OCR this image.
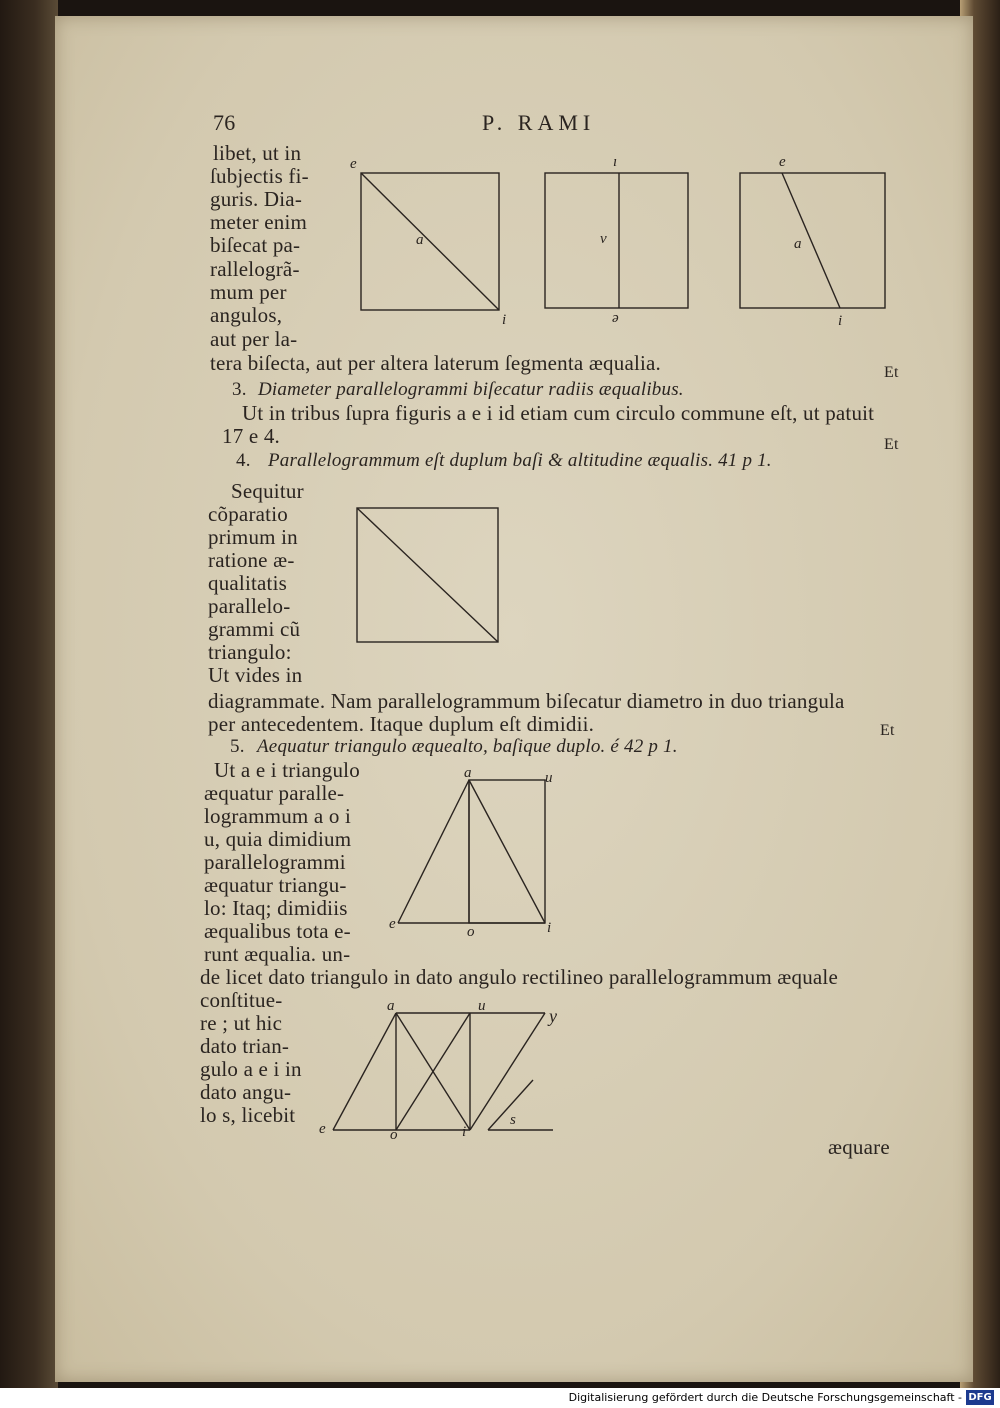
76	P. RAMI
libet, ut in
ſubjectis fi-
guris. Dia-
meter enim
biſecat pa-
rallelogrã-
mum per
angulos,
aut per la-
tera biſecta, aut per altera laterum ſegmenta æqualia.	Et
e
a
i
ı
v
ə
e
a
i
3. Diameter parallelogrammi biſecatur radiis æqualibus.
Ut in tribus ſupra figuris a e i id etiam cum circulo commune eſt, ut patuit
17 e 4.	Et
4. Parallelogrammum eſt duplum baſi & altitudine æqualis. 41 p 1.
Sequitur
cõparatio
primum in
ratione æ-
qualitatis
parallelo-
grammi cũ
triangulo:
Ut vides in
diagrammate. Nam parallelogrammum biſecatur diametro in duo triangula
per antecedentem. Itaque duplum eſt dimidii.	Et
5. Aequatur triangulo æquealto, baſique duplo. é 42 p 1.
Ut a e i triangulo
æquatur paralle-
logrammum a o i
u, quia dimidium
parallelogrammi
æquatur triangu-
lo: Itaq; dimidiis
æqualibus tota e-
runt æqualia. un-
a	u
e	o	i
de licet dato triangulo in dato angulo rectilineo parallelogrammum æquale
conſtitue-
re ; ut hic
dato trian-
gulo a e i in
dato angu-
lo s, licebit
a	u	y
e	o	i
s
æquare
Digitalisierung gefördert durch die Deutsche Forschungsgemeinschaft - DFG
